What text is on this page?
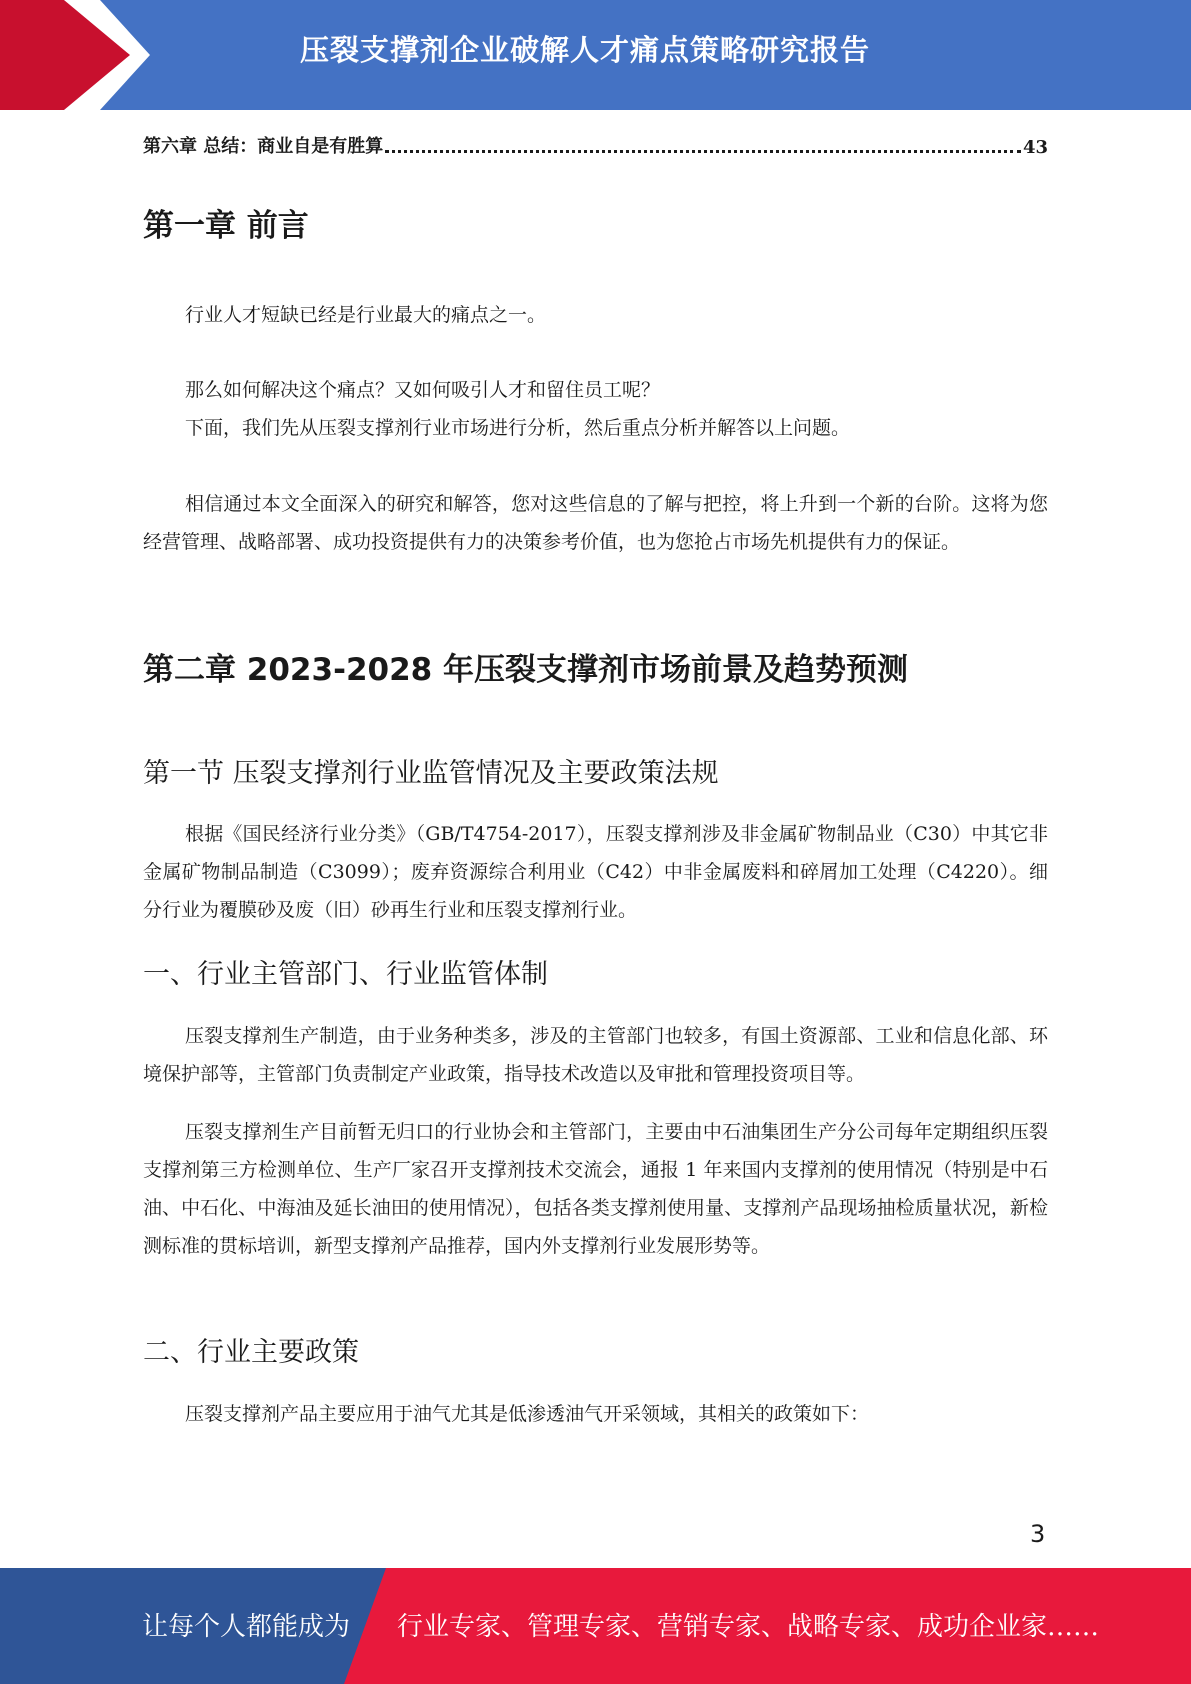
压裂支撑剂企业破解人才痛点策略研究报告
第六章 总结：商业自是有胜算	43
第一章 前言

行业人才短缺已经是行业最大的痛点之一。

那么如何解决这个痛点？又如何吸引人才和留住员工呢？

下面，我们先从压裂支撑剂行业市场进行分析，然后重点分析并解答以上问题。

相信通过本文全面深入的研究和解答，您对这些信息的了解与把控，将上升到一个新的台阶。这将为您经营管理、战略部署、成功投资提供有力的决策参考价值，也为您抢占市场先机提供有力的保证。

第二章 2023-2028 年压裂支撑剂市场前景及趋势预测
第一节 压裂支撑剂行业监管情况及主要政策法规

根据《国民经济行业分类》（GB/T4754-2017），压裂支撑剂涉及非金属矿物制品业（C30）中其它非金属矿物制品制造（C3099）；废弃资源综合利用业（C42）中非金属废料和碎屑加工处理（C4220）。细分行业为覆膜砂及废（旧）砂再生行业和压裂支撑剂行业。

一、行业主管部门、行业监管体制

压裂支撑剂生产制造，由于业务种类多，涉及的主管部门也较多，有国土资源部、工业和信息化部、环境保护部等，主管部门负责制定产业政策，指导技术改造以及审批和管理投资项目等。

压裂支撑剂生产目前暂无归口的行业协会和主管部门，主要由中石油集团生产分公司每年定期组织压裂支撑剂第三方检测单位、生产厂家召开支撑剂技术交流会，通报 1 年来国内支撑剂的使用情况（特别是中石油、中石化、中海油及延长油田的使用情况），包括各类支撑剂使用量、支撑剂产品现场抽检质量状况，新检测标准的贯标培训，新型支撑剂产品推荐，国内外支撑剂行业发展形势等。

二、行业主要政策

压裂支撑剂产品主要应用于油气尤其是低渗透油气开采领域，其相关的政策如下：

3
让每个人都能成为 行业专家、管理专家、营销专家、战略专家、成功企业家……
